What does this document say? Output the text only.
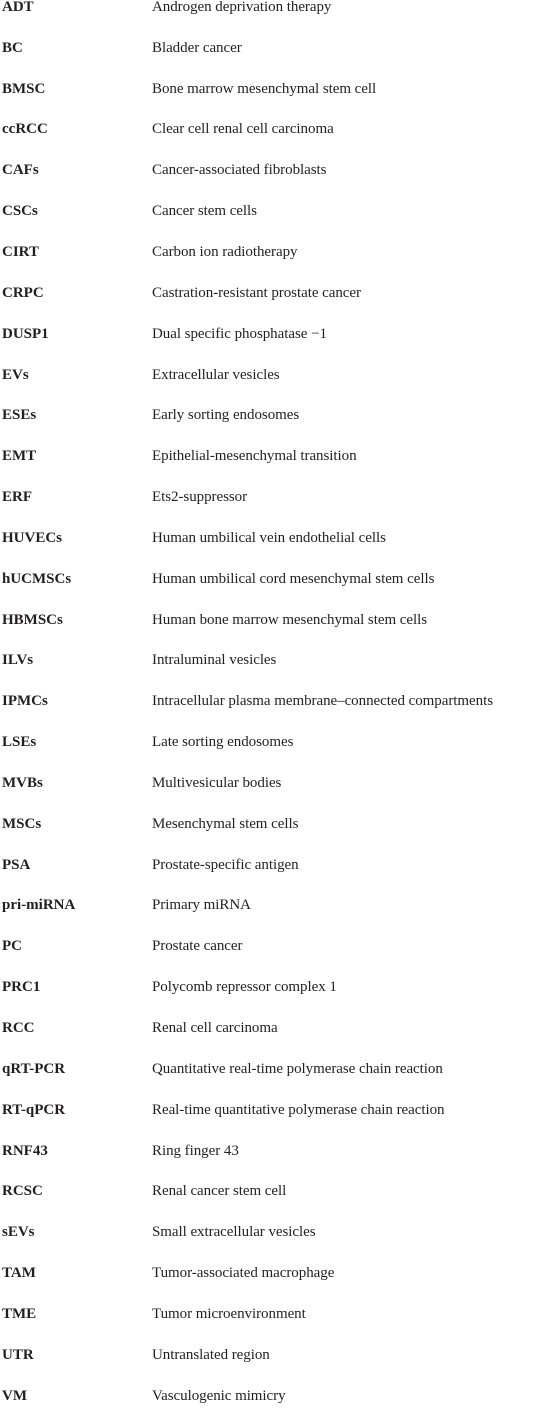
ADT	Androgen deprivation therapy
BC	Bladder cancer
BMSC	Bone marrow mesenchymal stem cell
ccRCC	Clear cell renal cell carcinoma
CAFs	Cancer-associated fibroblasts
CSCs	Cancer stem cells
CIRT	Carbon ion radiotherapy
CRPC	Castration-resistant prostate cancer
DUSP1	Dual specific phosphatase −1
EVs	Extracellular vesicles
ESEs	Early sorting endosomes
EMT	Epithelial-mesenchymal transition
ERF	Ets2-suppressor
HUVECs	Human umbilical vein endothelial cells
hUCMSCs	Human umbilical cord mesenchymal stem cells
HBMSCs	Human bone marrow mesenchymal stem cells
ILVs	Intraluminal vesicles
IPMCs	Intracellular plasma membrane–connected compartments
LSEs	Late sorting endosomes
MVBs	Multivesicular bodies
MSCs	Mesenchymal stem cells
PSA	Prostate-specific antigen
pri-miRNA	Primary miRNA
PC	Prostate cancer
PRC1	Polycomb repressor complex 1
RCC	Renal cell carcinoma
qRT-PCR	Quantitative real-time polymerase chain reaction
RT-qPCR	Real-time quantitative polymerase chain reaction
RNF43	Ring finger 43
RCSC	Renal cancer stem cell
sEVs	Small extracellular vesicles
TAM	Tumor-associated macrophage
TME	Tumor microenvironment
UTR	Untranslated region
VM	Vasculogenic mimicry
